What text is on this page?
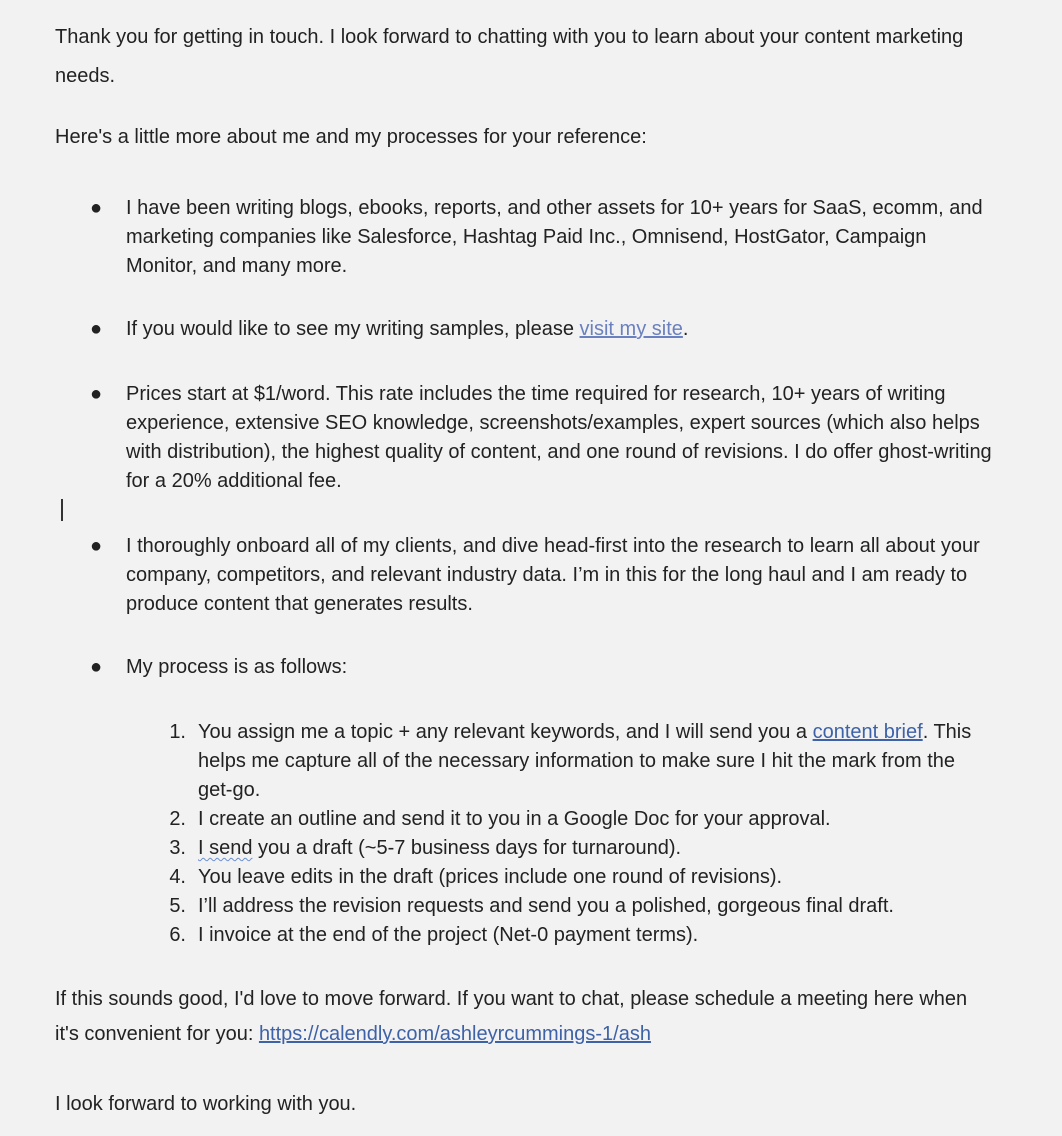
Thank you for getting in touch. I look forward to chatting with you to learn about your content marketing needs.

Here's a little more about me and my processes for your reference:

● I have been writing blogs, ebooks, reports, and other assets for 10+ years for SaaS, ecomm, and marketing companies like Salesforce, Hashtag Paid Inc., Omnisend, HostGator, Campaign Monitor, and many more.
● If you would like to see my writing samples, please visit my site.
● Prices start at $1/word. This rate includes the time required for research, 10+ years of writing experience, extensive SEO knowledge, screenshots/examples, expert sources (which also helps with distribution), the highest quality of content, and one round of revisions. I do offer ghost-writing for a 20% additional fee.
● I thoroughly onboard all of my clients, and dive head-first into the research to learn all about your company, competitors, and relevant industry data. I’m in this for the long haul and I am ready to produce content that generates results.
● My process is as follows:
1. You assign me a topic + any relevant keywords, and I will send you a content brief. This helps me capture all of the necessary information to make sure I hit the mark from the get-go.
2. I create an outline and send it to you in a Google Doc for your approval.
3. I send you a draft (~5-7 business days for turnaround).
4. You leave edits in the draft (prices include one round of revisions).
5. I’ll address the revision requests and send you a polished, gorgeous final draft.
6. I invoice at the end of the project (Net-0 payment terms).

If this sounds good, I'd love to move forward. If you want to chat, please schedule a meeting here when it's convenient for you: https://calendly.com/ashleyrcummings-1/ash

I look forward to working with you.
